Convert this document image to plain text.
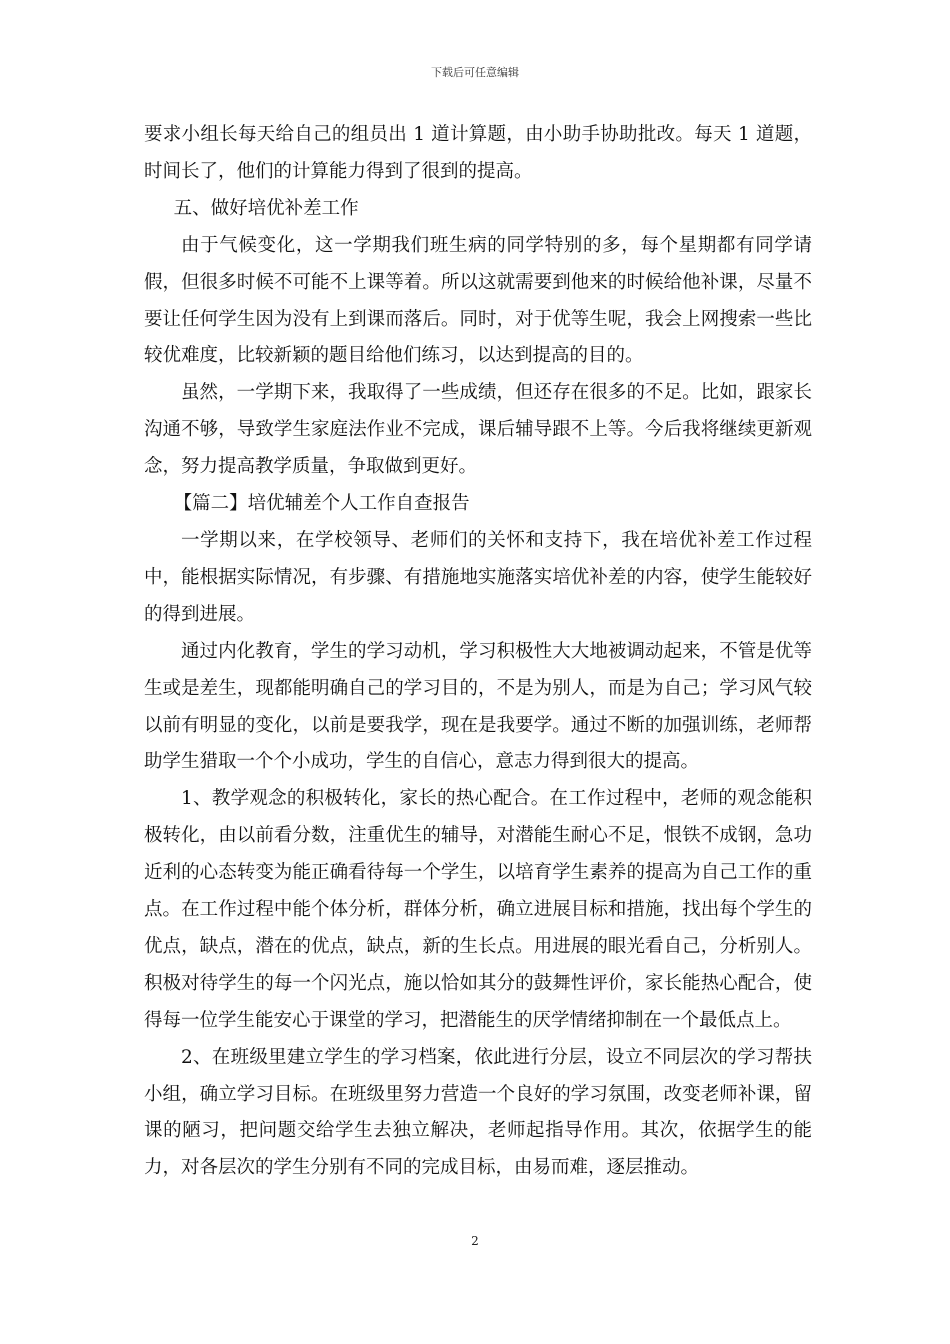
下载后可任意编辑

要求小组长每天给自己的组员出 1 道计算题，由小助手协助批改。每天 1 道题，时间长了，他们的计算能力得到了很到的提高。

五、做好培优补差工作

由于气候变化，这一学期我们班生病的同学特别的多，每个星期都有同学请假，但很多时候不可能不上课等着。所以这就需要到他来的时候给他补课，尽量不要让任何学生因为没有上到课而落后。同时，对于优等生呢，我会上网搜索一些比较优难度，比较新颖的题目给他们练习，以达到提高的目的。

虽然，一学期下来，我取得了一些成绩，但还存在很多的不足。比如，跟家长沟通不够，导致学生家庭法作业不完成，课后辅导跟不上等。今后我将继续更新观念，努力提高教学质量，争取做到更好。

【篇二】培优辅差个人工作自查报告

一学期以来，在学校领导、老师们的关怀和支持下，我在培优补差工作过程中，能根据实际情况，有步骤、有措施地实施落实培优补差的内容，使学生能较好的得到进展。

通过内化教育，学生的学习动机，学习积极性大大地被调动起来，不管是优等生或是差生，现都能明确自己的学习目的，不是为别人，而是为自己；学习风气较以前有明显的变化，以前是要我学，现在是我要学。通过不断的加强训练，老师帮助学生猎取一个个小成功，学生的自信心，意志力得到很大的提高。

1、教学观念的积极转化，家长的热心配合。在工作过程中，老师的观念能积极转化，由以前看分数，注重优生的辅导，对潜能生耐心不足，恨铁不成钢，急功近利的心态转变为能正确看待每一个学生，以培育学生素养的提高为自己工作的重点。在工作过程中能个体分析，群体分析，确立进展目标和措施，找出每个学生的优点，缺点，潜在的优点，缺点，新的生长点。用进展的眼光看自己，分析别人。积极对待学生的每一个闪光点，施以恰如其分的鼓舞性评价，家长能热心配合，使得每一位学生能安心于课堂的学习，把潜能生的厌学情绪抑制在一个最低点上。

2、在班级里建立学生的学习档案，依此进行分层，设立不同层次的学习帮扶小组，确立学习目标。在班级里努力营造一个良好的学习氛围，改变老师补课，留课的陋习，把问题交给学生去独立解决，老师起指导作用。其次，依据学生的能力，对各层次的学生分别有不同的完成目标，由易而难，逐层推动。

2
